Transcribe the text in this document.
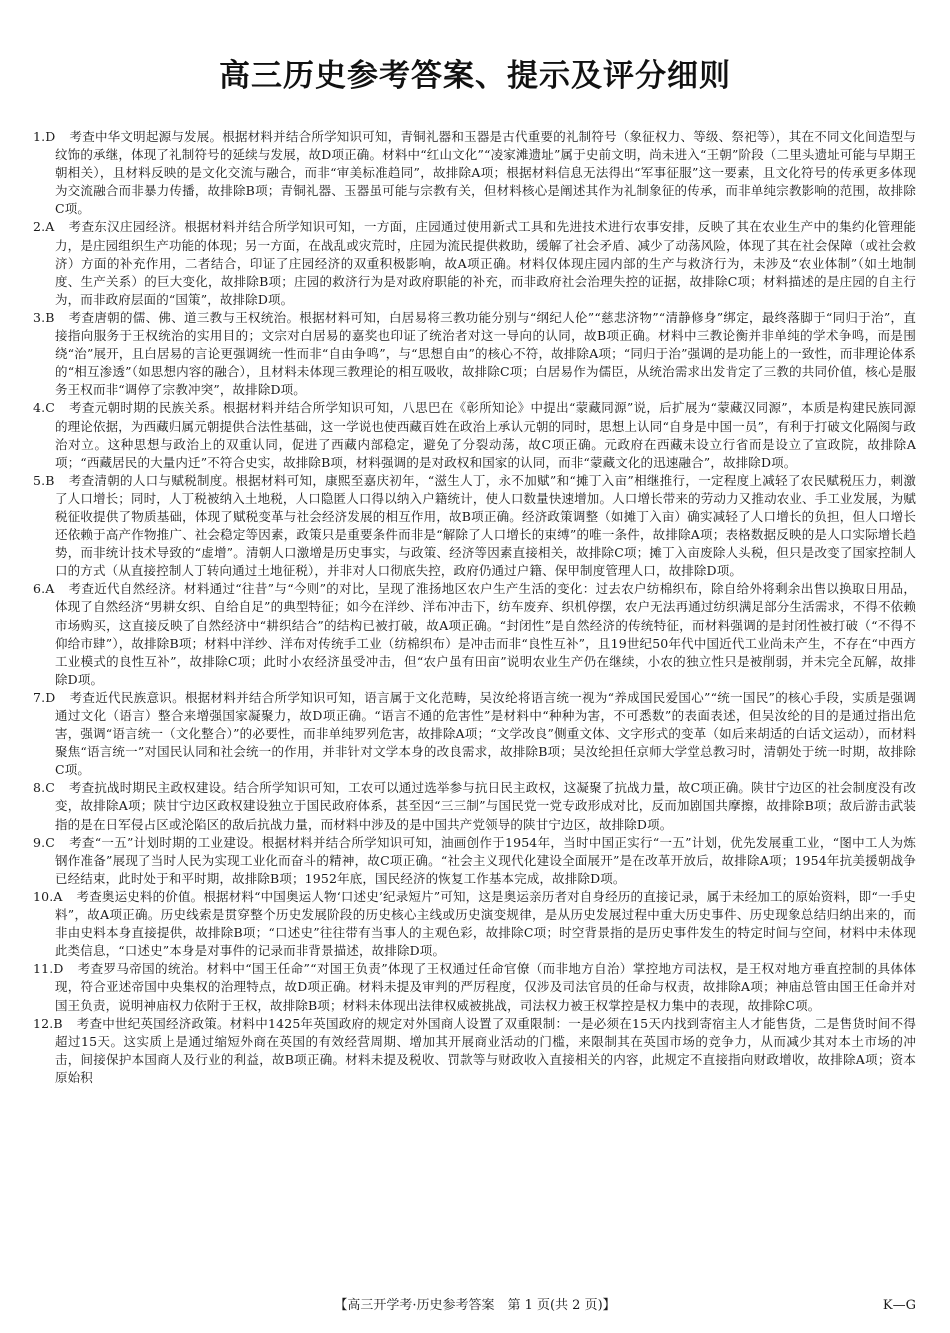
高三历史参考答案、提示及评分细则

1.D 考查中华文明起源与发展。根据材料并结合所学知识可知，青铜礼器和玉器是古代重要的礼制符号（象征权力、等级、祭祀等），其在不同文化间造型与纹饰的承继，体现了礼制符号的延续与发展，故D项正确。材料中“红山文化”“凌家滩遗址”属于史前文明，尚未进入“王朝”阶段（二里头遗址可能与早期王朝相关），且材料反映的是文化交流与融合，而非“审美标准趋同”，故排除A项；根据材料信息无法得出“军事征服”这一要素，且文化符号的传承更多体现为交流融合而非暴力传播，故排除B项；青铜礼器、玉器虽可能与宗教有关，但材料核心是阐述其作为礼制象征的传承，而非单纯宗教影响的范围，故排除C项。

2.A 考查东汉庄园经济。根据材料并结合所学知识可知，一方面，庄园通过使用新式工具和先进技术进行农事安排，反映了其在农业生产中的集约化管理能力，是庄园组织生产功能的体现；另一方面，在战乱或灾荒时，庄园为流民提供救助，缓解了社会矛盾、减少了动荡风险，体现了其在社会保障（或社会救济）方面的补充作用，二者结合，印证了庄园经济的双重积极影响，故A项正确。材料仅体现庄园内部的生产与救济行为，未涉及“农业体制”（如土地制度、生产关系）的巨大变化，故排除B项；庄园的救济行为是对政府职能的补充，而非政府社会治理失控的证据，故排除C项；材料描述的是庄园的自主行为，而非政府层面的“国策”，故排除D项。

3.B 考查唐朝的儒、佛、道三教与王权统治。根据材料可知，白居易将三教功能分别与“纲纪人伦”“慈悲济物”“清静修身”绑定，最终落脚于“同归于治”，直接指向服务于王权统治的实用目的；文宗对白居易的嘉奖也印证了统治者对这一导向的认同，故B项正确。材料中三教论衡并非单纯的学术争鸣，而是围绕“治”展开，且白居易的言论更强调统一性而非“自由争鸣”，与“思想自由”的核心不符，故排除A项；“同归于治”强调的是功能上的一致性，而非理论体系的“相互渗透”（如思想内容的融合），且材料未体现三教理论的相互吸收，故排除C项；白居易作为儒臣，从统治需求出发肯定了三教的共同价值，核心是服务王权而非“调停了宗教冲突”，故排除D项。

4.C 考查元朝时期的民族关系。根据材料并结合所学知识可知，八思巴在《彰所知论》中提出“蒙藏同源”说，后扩展为“蒙藏汉同源”，本质是构建民族同源的理论依据，为西藏归属元朝提供合法性基础，这一学说也使西藏百姓在政治上承认元朝的同时，思想上认同“自身是中国一员”，有利于打破文化隔阂与政治对立。这种思想与政治上的双重认同，促进了西藏内部稳定，避免了分裂动荡，故C项正确。元政府在西藏未设立行省而是设立了宣政院，故排除A项；“西藏居民的大量内迁”不符合史实，故排除B项，材料强调的是对政权和国家的认同，而非“蒙藏文化的迅速融合”，故排除D项。

5.B 考查清朝的人口与赋税制度。根据材料可知，康熙至嘉庆初年，“滋生人丁，永不加赋”和“摊丁入亩”相继推行，一定程度上减轻了农民赋税压力，刺激了人口增长；同时，人丁税被纳入土地税，人口隐匿人口得以纳入户籍统计，使人口数量快速增加。人口增长带来的劳动力又推动农业、手工业发展，为赋税征收提供了物质基础，体现了赋税变革与社会经济发展的相互作用，故B项正确。经济政策调整（如摊丁入亩）确实减轻了人口增长的负担，但人口增长还依赖于高产作物推广、社会稳定等因素，政策只是重要条件而非是“解除了人口增长的束缚”的唯一条件，故排除A项；表格数据反映的是人口实际增长趋势，而非统计技术导致的“虚增”。清朝人口激增是历史事实，与政策、经济等因素直接相关，故排除C项；摊丁入亩废除人头税，但只是改变了国家控制人口的方式（从直接控制人丁转向通过土地征税），并非对人口彻底失控，政府仍通过户籍、保甲制度管理人口，故排除D项。

6.A 考查近代自然经济。材料通过“往昔”与“今则”的对比，呈现了淮扬地区农户生产生活的变化：过去农户纺棉织布，除自给外将剩余出售以换取日用品，体现了自然经济“男耕女织、自给自足”的典型特征；如今在洋纱、洋布冲击下，纺车废弃、织机停摆，农户无法再通过纺织满足部分生活需求，不得不依赖市场购买，这直接反映了自然经济中“耕织结合”的结构已被打破，故A项正确。“封闭性”是自然经济的传统特征，而材料强调的是封闭性被打破（“不得不仰给市肆”），故排除B项；材料中洋纱、洋布对传统手工业（纺棉织布）是冲击而非“良性互补”，且19世纪50年代中国近代工业尚未产生，不存在“中西方工业模式的良性互补”，故排除C项；此时小农经济虽受冲击，但“农户虽有田亩”说明农业生产仍在继续，小农的独立性只是被削弱，并未完全瓦解，故排除D项。

7.D 考查近代民族意识。根据材料并结合所学知识可知，语言属于文化范畴，吴汝纶将语言统一视为“养成国民爱国心”“统一国民”的核心手段，实质是强调通过文化（语言）整合来增强国家凝聚力，故D项正确。“语言不通的危害性”是材料中“种种为害，不可悉数”的表面表述，但吴汝纶的目的是通过指出危害，强调“语言统一（文化整合）”的必要性，而非单纯罗列危害，故排除A项；“文学改良”侧重文体、文字形式的变革（如后来胡适的白话文运动），而材料聚焦“语言统一”对国民认同和社会统一的作用，并非针对文学本身的改良需求，故排除B项；吴汝纶担任京师大学堂总教习时，清朝处于统一时期，故排除C项。

8.C 考查抗战时期民主政权建设。结合所学知识可知，工农可以通过选举参与抗日民主政权，这凝聚了抗战力量，故C项正确。陕甘宁边区的社会制度没有改变，故排除A项；陕甘宁边区政权建设独立于国民政府体系，甚至因“三三制”与国民党一党专政形成对比，反而加剧国共摩擦，故排除B项；敌后游击武装指的是在日军侵占区或沦陷区的敌后抗战力量，而材料中涉及的是中国共产党领导的陕甘宁边区，故排除D项。

9.C 考查“一五”计划时期的工业建设。根据材料并结合所学知识可知，油画创作于1954年，当时中国正实行“一五”计划，优先发展重工业，“图中工人为炼钢作准备”展现了当时人民为实现工业化而奋斗的精神，故C项正确。“社会主义现代化建设全面展开”是在改革开放后，故排除A项；1954年抗美援朝战争已经结束，此时处于和平时期，故排除B项；1952年底，国民经济的恢复工作基本完成，故排除D项。

10.A 考查奥运史料的价值。根据材料“中国奥运人物‘口述史’纪录短片”可知，这是奥运亲历者对自身经历的直接记录，属于未经加工的原始资料，即“一手史料”，故A项正确。历史线索是贯穿整个历史发展阶段的历史核心主线或历史演变规律，是从历史发展过程中重大历史事件、历史现象总结归纳出来的，而非由史料本身直接提供，故排除B项；“口述史”往往带有当事人的主观色彩，故排除C项；时空背景指的是历史事件发生的特定时间与空间，材料中未体现此类信息，“口述史”本身是对事件的记录而非背景描述，故排除D项。

11.D 考查罗马帝国的统治。材料中“国王任命”“对国王负责”体现了王权通过任命官僚（而非地方自治）掌控地方司法权，是王权对地方垂直控制的具体体现，符合亚述帝国中央集权的治理特点，故D项正确。材料未提及审判的严厉程度，仅涉及司法官员的任命与权责，故排除A项；神庙总管由国王任命并对国王负责，说明神庙权力依附于王权，故排除B项；材料未体现出法律权威被挑战，司法权力被王权掌控是权力集中的表现，故排除C项。

12.B 考查中世纪英国经济政策。材料中1425年英国政府的规定对外国商人设置了双重限制：一是必须在15天内找到寄宿主人才能售货，二是售货时间不得超过15天。这实质上是通过缩短外商在英国的有效经营周期、增加其开展商业活动的门槛，来限制其在英国市场的竞争力，从而减少其对本土市场的冲击，间接保护本国商人及行业的利益，故B项正确。材料未提及税收、罚款等与财政收入直接相关的内容，此规定不直接指向财政增收，故排除A项；资本原始积

【高三开学考·历史参考答案　第 1 页(共 2 页)】	K—G
